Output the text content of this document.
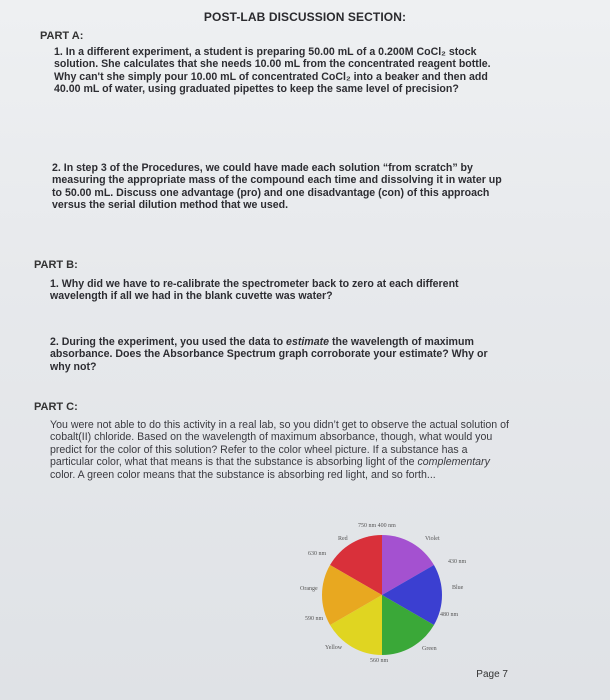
POST-LAB DISCUSSION SECTION:
PART A:
1. In a different experiment, a student is preparing 50.00 mL of a 0.200M CoCl₂ stock solution. She calculates that she needs 10.00 mL from the concentrated reagent bottle. Why can't she simply pour 10.00 mL of concentrated CoCl₂ into a beaker and then add 40.00 mL of water, using graduated pipettes to keep the same level of precision?
2. In step 3 of the Procedures, we could have made each solution “from scratch” by measuring the appropriate mass of the compound each time and dissolving it in water up to 50.00 mL. Discuss one advantage (pro) and one disadvantage (con) of this approach versus the serial dilution method that we used.
PART B:
1. Why did we have to re-calibrate the spectrometer back to zero at each different wavelength if all we had in the blank cuvette was water?
2. During the experiment, you used the data to estimate the wavelength of maximum absorbance. Does the Absorbance Spectrum graph corroborate your estimate? Why or why not?
PART C:
You were not able to do this activity in a real lab, so you didn’t get to observe the actual solution of cobalt(II) chloride. Based on the wavelength of maximum absorbance, though, what would you predict for the color of this solution? Refer to the color wheel picture. If a substance has a particular color, what that means is that the substance is absorbing light of the complementary color. A green color means that the substance is absorbing red light, and so forth...
Red	Violet
Blue
Green
Yellow
Orange
750 nm 400 nm
630 nm
430 nm
480 nm
560 nm
590 nm
Page 7
